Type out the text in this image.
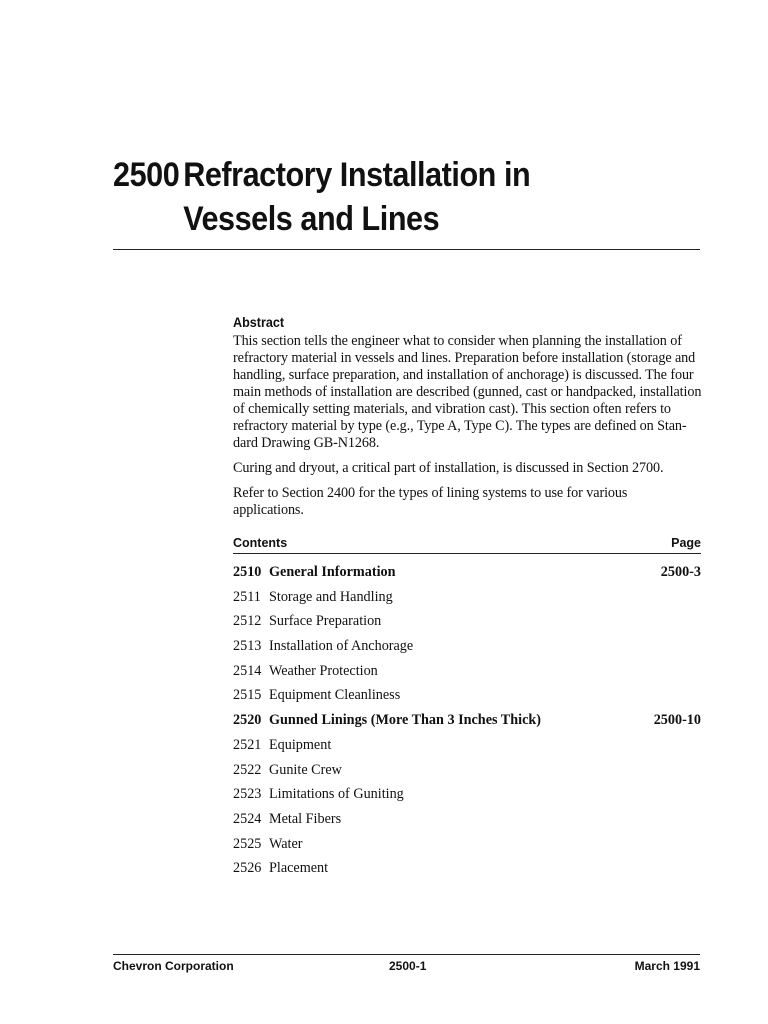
2500 Refractory Installation in
Vessels and Lines
Abstract

This section tells the engineer what to consider when planning the installation of
refractory material in vessels and lines. Preparation before installation (storage and
handling, surface preparation, and installation of anchorage) is discussed. The four
main methods of installation are described (gunned, cast or handpacked, installation
of chemically setting materials, and vibration cast). This section often refers to
refractory material by type (e.g., Type A, Type C). The types are defined on Stan-
dard Drawing GB-N1268.

Curing and dryout, a critical part of installation, is discussed in Section 2700.

Refer to Section 2400 for the types of lining systems to use for various applications.

Contents	Page
2510 General Information	2500-3
2511 Storage and Handling
2512 Surface Preparation
2513 Installation of Anchorage
2514 Weather Protection
2515 Equipment Cleanliness
2520 Gunned Linings (More Than 3 Inches Thick)	2500-10
2521 Equipment
2522 Gunite Crew
2523 Limitations of Guniting
2524 Metal Fibers
2525 Water
2526 Placement
Chevron Corporation	2500-1	March 1991
